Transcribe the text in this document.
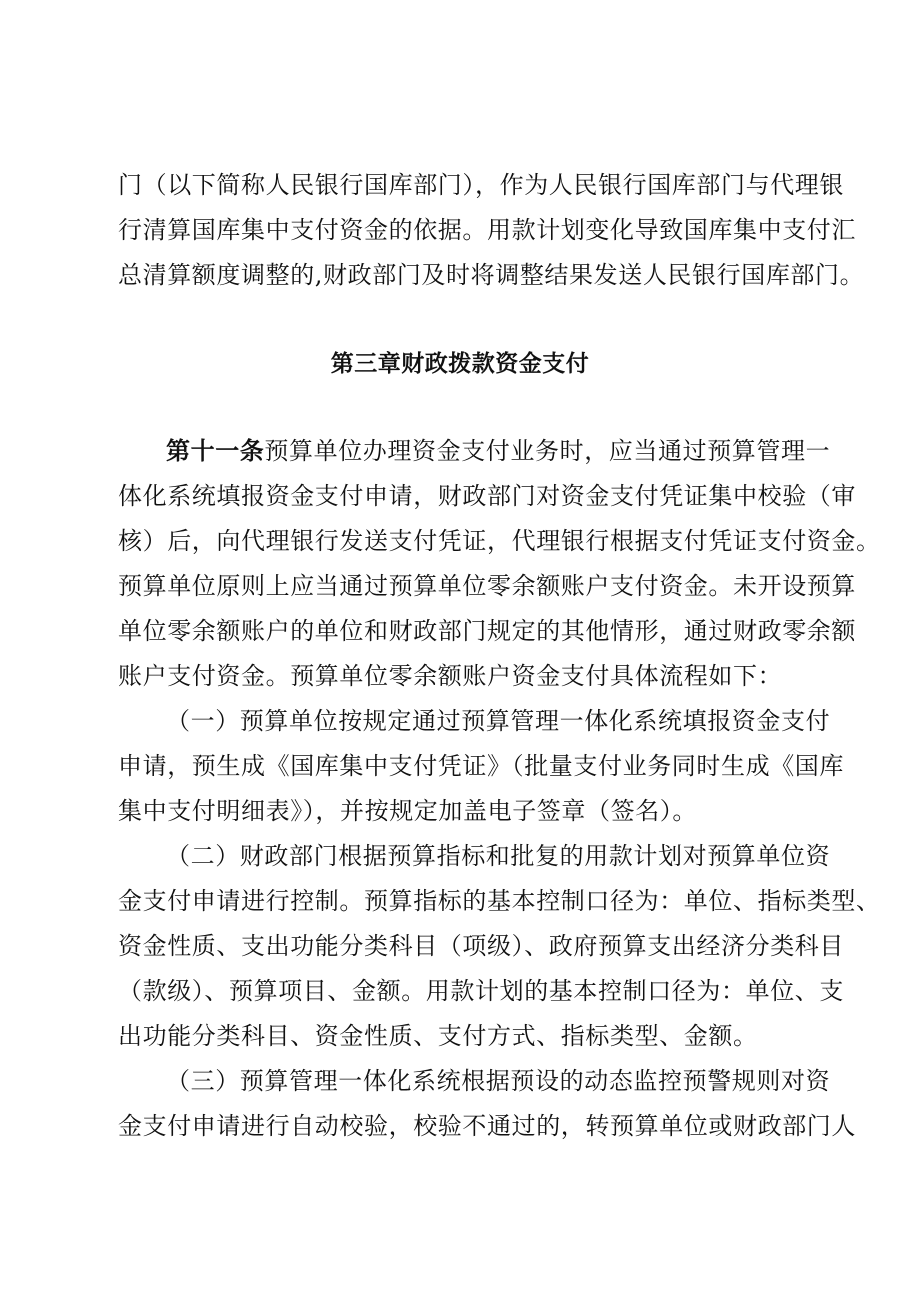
门（以下简称人民银行国库部门），作为人民银行国库部门与代理银
行清算国库集中支付资金的依据。用款计划变化导致国库集中支付汇
总清算额度调整的,财政部门及时将调整结果发送人民银行国库部门。
第三章财政拨款资金支付
第十一条预算单位办理资金支付业务时，应当通过预算管理一
体化系统填报资金支付申请，财政部门对资金支付凭证集中校验（审
核）后，向代理银行发送支付凭证，代理银行根据支付凭证支付资金。
预算单位原则上应当通过预算单位零余额账户支付资金。未开设预算
单位零余额账户的单位和财政部门规定的其他情形，通过财政零余额
账户支付资金。预算单位零余额账户资金支付具体流程如下：
（一）预算单位按规定通过预算管理一体化系统填报资金支付
申请，预生成《国库集中支付凭证》（批量支付业务同时生成《国库
集中支付明细表》），并按规定加盖电子签章（签名）。
（二）财政部门根据预算指标和批复的用款计划对预算单位资
金支付申请进行控制。预算指标的基本控制口径为：单位、指标类型、
资金性质、支出功能分类科目（项级）、政府预算支出经济分类科目
（款级）、预算项目、金额。用款计划的基本控制口径为：单位、支
出功能分类科目、资金性质、支付方式、指标类型、金额。
（三）预算管理一体化系统根据预设的动态监控预警规则对资
金支付申请进行自动校验，校验不通过的，转预算单位或财政部门人
